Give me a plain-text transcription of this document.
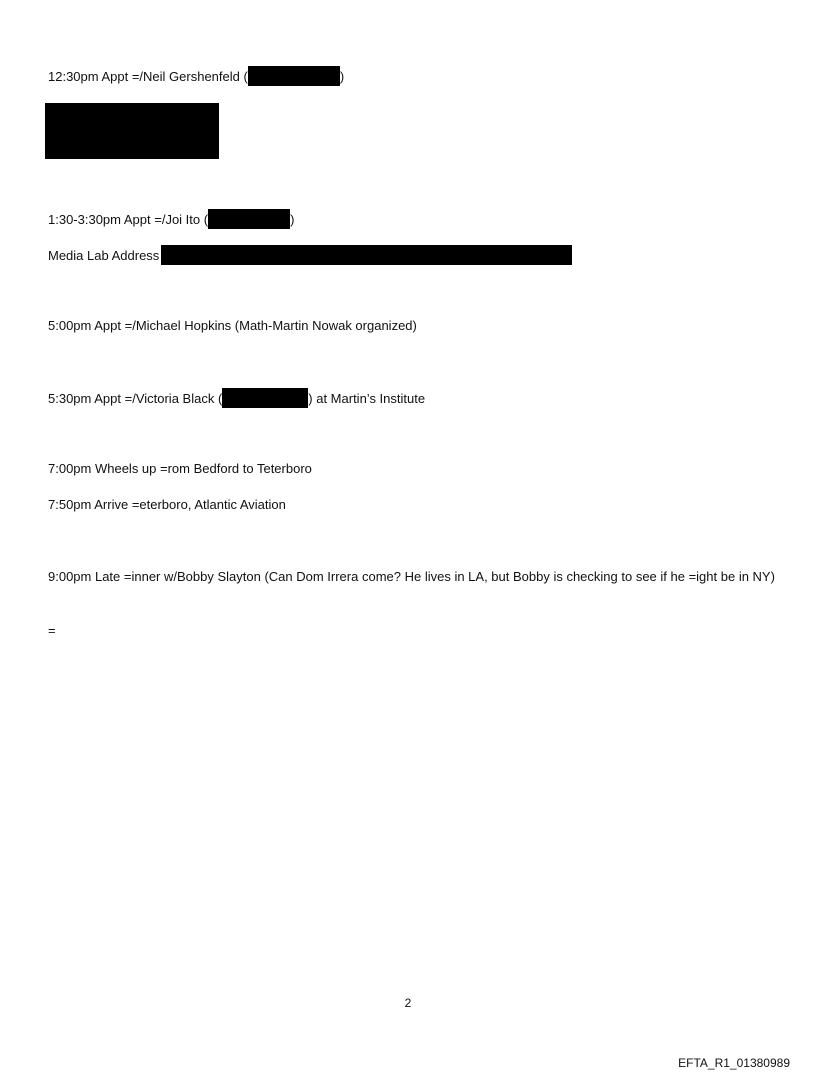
12:30pm Appt =/Neil Gershenfeld (	)
1:30-3:30pm Appt =/Joi Ito (	)
Media Lab Address
5:00pm Appt =/Michael Hopkins (Math-Martin Nowak organized)
5:30pm Appt =/Victoria Black (	) at Martin’s Institute
7:00pm Wheels up =rom Bedford to Teterboro
7:50pm Arrive =eterboro, Atlantic Aviation
9:00pm Late =inner w/Bobby Slayton (Can Dom Irrera come? He lives in LA, but Bobby is checking to see if he =ight be in NY)
=
2
EFTA_R1_01380989
